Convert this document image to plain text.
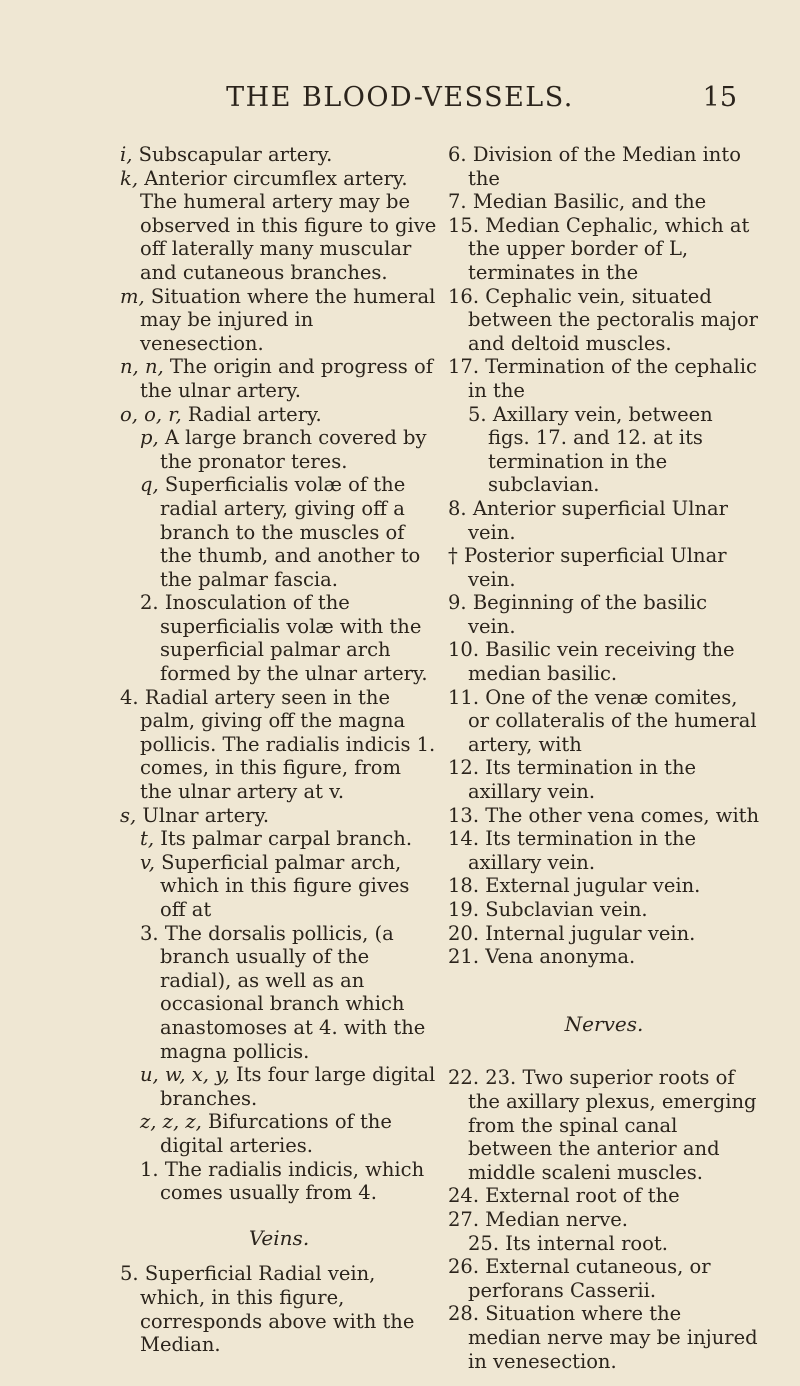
THE BLOOD-VESSELS.	15
i, Subscapular artery.
k, Anterior circumflex artery.
The humeral artery may be observed in this figure to give off laterally many muscular and cutaneous branches.
m, Situation where the humeral may be injured in venesection.
n, n, The origin and progress of the ulnar artery.
o, o, r, Radial artery.
p, A large branch covered by the pronator teres.
q, Superficialis volæ of the radial artery, giving off a branch to the muscles of the thumb, and another to the palmar fascia.
2. Inosculation of the superficialis volæ with the superficial palmar arch formed by the ulnar artery.
4. Radial artery seen in the palm, giving off the magna pollicis. The radialis indicis 1. comes, in this figure, from the ulnar artery at v.
s, Ulnar artery.
t, Its palmar carpal branch.
v, Superficial palmar arch, which in this figure gives off at
3. The dorsalis pollicis, (a branch usually of the radial), as well as an occasional branch which anastomoses at 4. with the magna pollicis.
u, w, x, y, Its four large digital branches.
z, z, z, Bifurcations of the digital arteries.
1. The radialis indicis, which comes usually from 4.
Veins.
5. Superficial Radial vein, which, in this figure, corresponds above with the Median.
6. Division of the Median into the
7. Median Basilic, and the
15. Median Cephalic, which at the upper border of L, terminates in the
16. Cephalic vein, situated between the pectoralis major and deltoid muscles.
17. Termination of the cephalic in the
5. Axillary vein, between figs. 17. and 12. at its termination in the subclavian.
8. Anterior superficial Ulnar vein.
† Posterior superficial Ulnar vein.
9. Beginning of the basilic vein.
10. Basilic vein receiving the median basilic.
11. One of the venæ comites, or collateralis of the humeral artery, with
12. Its termination in the axillary vein.
13. The other vena comes, with
14. Its termination in the axillary vein.
18. External jugular vein.
19. Subclavian vein.
20. Internal jugular vein.
21. Vena anonyma.
Nerves.
22. 23. Two superior roots of the axillary plexus, emerging from the spinal canal between the anterior and middle scaleni muscles.
24. External root of the
27. Median nerve.
25. Its internal root.
26. External cutaneous, or perforans Casserii.
28. Situation where the median nerve may be injured in venesection.
